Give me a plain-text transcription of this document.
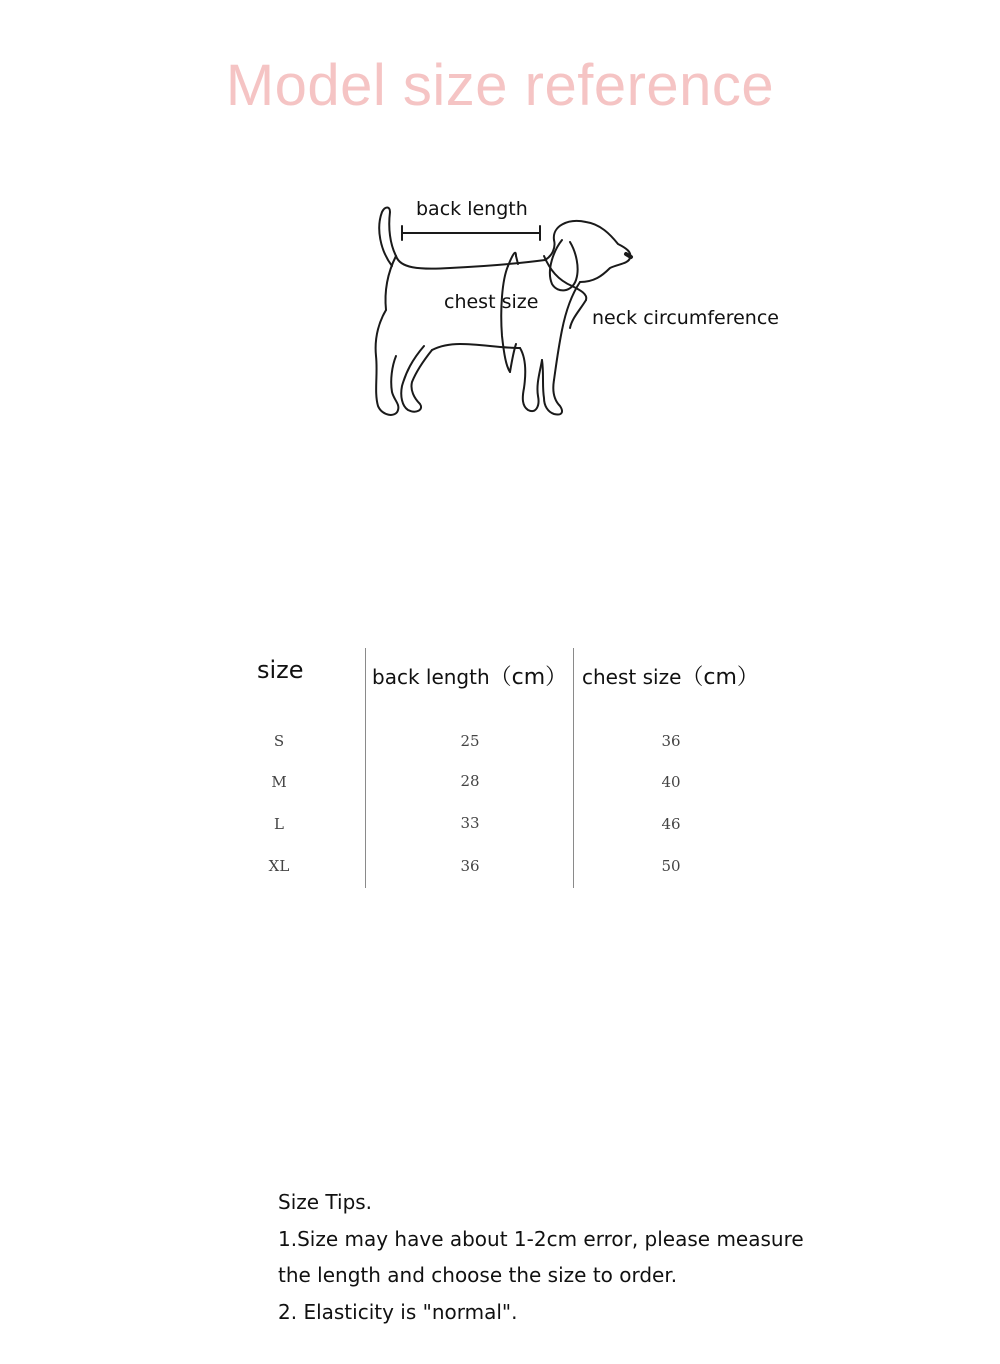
Model size reference
back length
chest size
neck circumference
size	back length（cm） chest size（cm）
S	25	36
M	28	40
L	33	46
XL	36	50
Size Tips.
1.Size may have about 1-2cm error, please measure
the length and choose the size to order.
2. Elasticity is "normal".
